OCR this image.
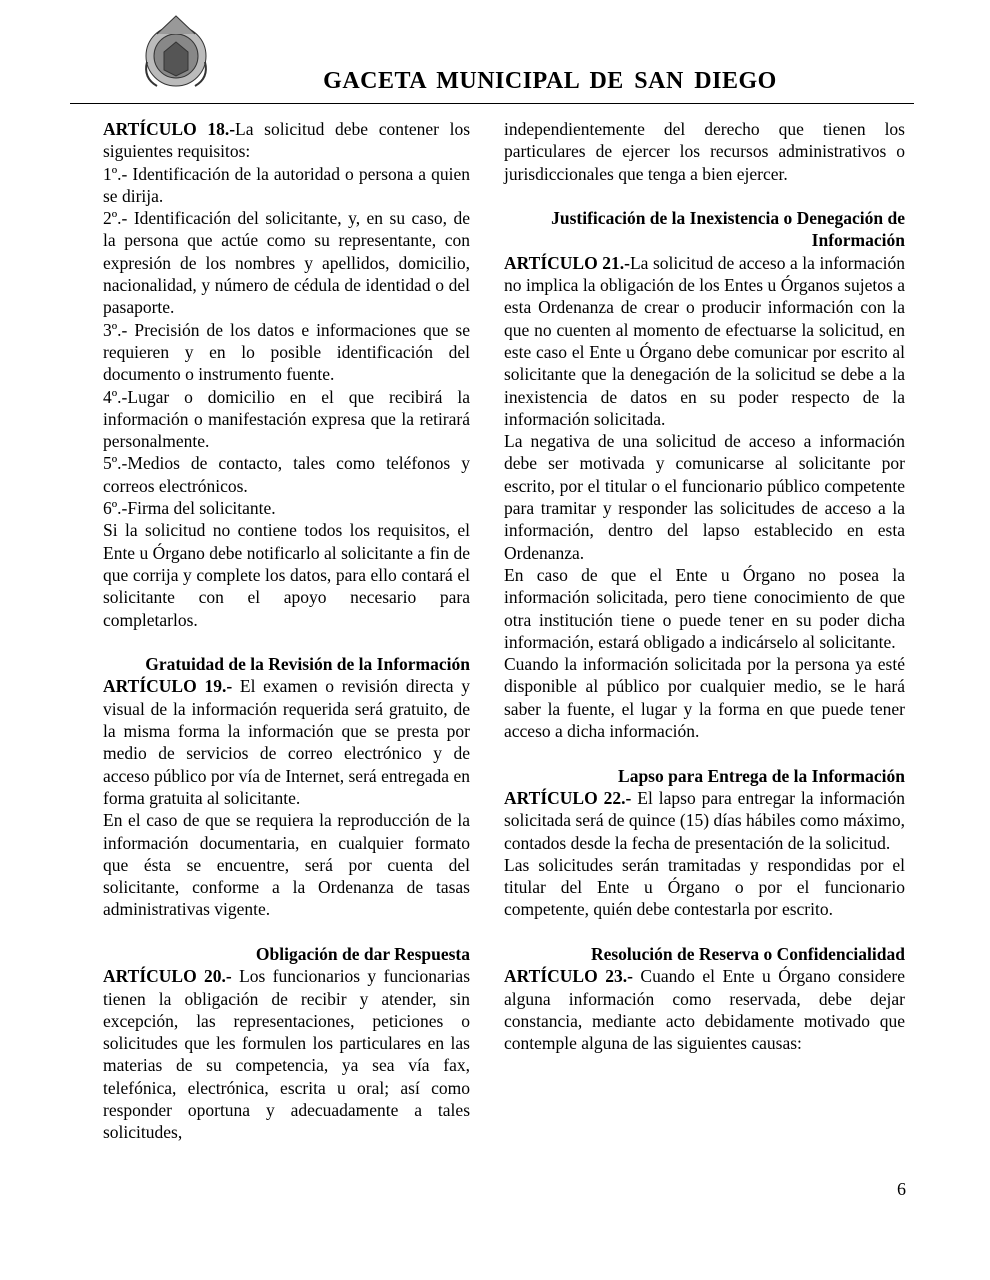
GACETA MUNICIPAL DE SAN DIEGO

ARTÍCULO 18.-La solicitud debe contener los siguientes requisitos:

1º.- Identificación de la autoridad o persona a quien se dirija.

2º.- Identificación del solicitante, y, en su caso, de la persona que actúe como su representante, con expresión de los nombres y apellidos, domicilio, nacionalidad, y número de cédula de identidad o del pasaporte.

3º.- Precisión de los datos e informaciones que se requieren y en lo posible identificación del documento o instrumento fuente.

4º.-Lugar o domicilio en el que recibirá la información o manifestación expresa que la retirará personalmente.

5º.-Medios de contacto, tales como teléfonos y correos electrónicos.

6º.-Firma del solicitante.

Si la solicitud no contiene todos los requisitos, el Ente u Órgano debe notificarlo al solicitante a fin de que corrija y complete los datos, para ello contará el solicitante con el apoyo necesario para completarlos.

Gratuidad de la Revisión de la Información

ARTÍCULO 19.- El examen o revisión directa y visual de la información requerida será gratuito, de la misma forma la información que se presta por medio de servicios de correo electrónico y de acceso público por vía de Internet, será entregada en forma gratuita al solicitante.

En el caso de que se requiera la reproducción de la información documentaria, en cualquier formato que ésta se encuentre, será por cuenta del solicitante, conforme a la Ordenanza de tasas administrativas vigente.

Obligación de dar Respuesta

ARTÍCULO 20.- Los funcionarios y funcionarias tienen la obligación de recibir y atender, sin excepción, las representaciones, peticiones o solicitudes que les formulen los particulares en las materias de su competencia, ya sea vía fax, telefónica, electrónica, escrita u oral; así como responder oportuna y adecuadamente a tales solicitudes,

independientemente del derecho que tienen los particulares de ejercer los recursos administrativos o jurisdiccionales que tenga a bien ejercer.

Justificación de la Inexistencia o Denegación de Información

ARTÍCULO 21.-La solicitud de acceso a la información no implica la obligación de los Entes u Órganos sujetos a esta Ordenanza de crear o producir información con la que no cuenten al momento de efectuarse la solicitud, en este caso el Ente u Órgano debe comunicar por escrito al solicitante que la denegación de la solicitud se debe a la inexistencia de datos en su poder respecto de la información solicitada.

La negativa de una solicitud de acceso a información debe ser motivada y comunicarse al solicitante por escrito, por el titular o el funcionario público competente para tramitar y responder las solicitudes de acceso a la información, dentro del lapso establecido en esta Ordenanza.

En caso de que el Ente u Órgano no posea la información solicitada, pero tiene conocimiento de que otra institución tiene o puede tener en su poder dicha información, estará obligado a indicárselo al solicitante.

Cuando la información solicitada por la persona ya esté disponible al público por cualquier medio, se le hará saber la fuente, el lugar y la forma en que puede tener acceso a dicha información.

Lapso para Entrega de la Información

ARTÍCULO 22.- El lapso para entregar la información solicitada será de quince (15) días hábiles como máximo, contados desde la fecha de presentación de la solicitud.

Las solicitudes serán tramitadas y respondidas por el titular del Ente u Órgano o por el funcionario competente, quién debe contestarla por escrito.

Resolución de Reserva o Confidencialidad

ARTÍCULO 23.- Cuando el Ente u Órgano considere alguna información como reservada, debe dejar constancia, mediante acto debidamente motivado que contemple alguna de las siguientes causas:

6
